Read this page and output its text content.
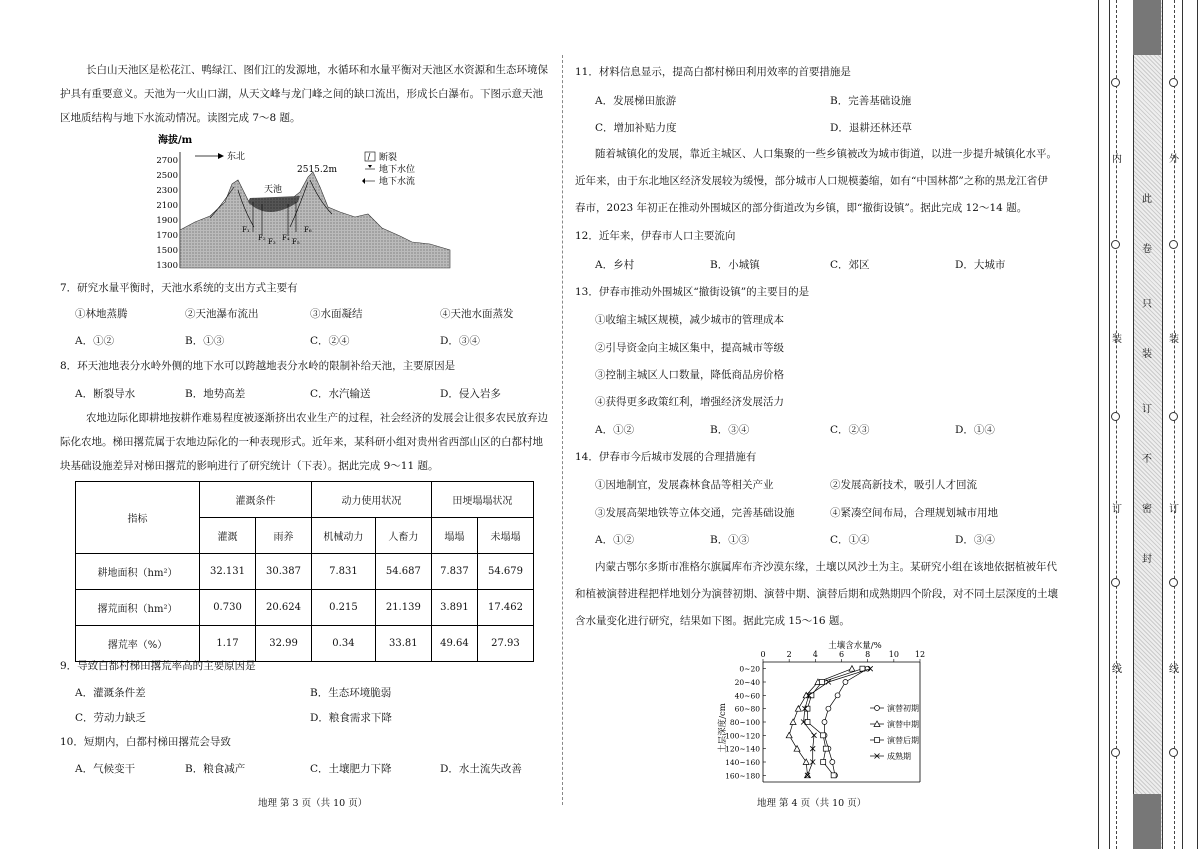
长白山天池区是松花江、鸭绿江、图们江的发源地，水循环和水量平衡对天池区水资源和生态环境保
护具有重要意义。天池为一火山口湖，从天文峰与龙门峰之间的缺口流出，形成长白瀑布。下图示意天池
区地质结构与地下水流动情况。读图完成 7～8 题。
海拔/m
2700
2500
2300
2100
1900
1700
1500
1300
东北
天池
2515.2m
F₁
F₂ F₃ F₄ F₅
F₆
断裂
地下水位
地下水流
7．研究水量平衡时，天池水系统的支出方式主要有
①林地蒸腾	②天池瀑布流出	③水面凝结	④天池水面蒸发
A．①②	B．①③	C．②④	D．③④
8．环天池地表分水岭外侧的地下水可以跨越地表分水岭的限制补给天池，主要原因是
A．断裂导水	B．地势高差	C．水汽输送	D．侵入岩多
农地边际化即耕地按耕作难易程度被逐渐挤出农业生产的过程，社会经济的发展会让很多农民放弃边
际化农地。梯田撂荒属于农地边际化的一种表现形式。近年来，某科研小组对贵州省西部山区的白都村地
块基础设施差异对梯田撂荒的影响进行了研究统计（下表）。据此完成 9～11 题。
指标	灌溉条件		动力使用状况		田埂塌塌状况	
	灌溉	雨养	机械动力	人畜力	塌塌	未塌塌
耕地面积（hm²）	32.131	30.387	7.831	54.687	7.837	54.679
撂荒面积（hm²）	0.730	20.624	0.215	21.139	3.891	17.462
撂荒率（%）	1.17	32.99	0.34	33.81	49.64	27.93
9．导致白都村梯田撂荒率高的主要原因是
A．灌溉条件差	B．生态环境脆弱
C．劳动力缺乏	D．粮食需求下降
10．短期内，白都村梯田撂荒会导致
A．气候变干	B．粮食减产	C．土壤肥力下降	D．水土流失改善
地理 第 3 页（共 10 页）
11．材料信息显示，提高白都村梯田利用效率的首要措施是
A．发展梯田旅游	B．完善基础设施
C．增加补贴力度	D．退耕还林还草
随着城镇化的发展，靠近主城区、人口集聚的一些乡镇被改为城市街道，以进一步提升城镇化水平。
近年来，由于东北地区经济发展较为缓慢，部分城市人口规模萎缩，如有“中国林都”之称的黑龙江省伊
春市，2023 年初正在推动外围城区的部分街道改为乡镇，即“撤街设镇”。据此完成 12～14 题。
12．近年来，伊春市人口主要流向
A．乡村	B．小城镇	C．郊区	D．大城市
13．伊春市推动外围城区“撤街设镇”的主要目的是
①收缩主城区规模，减少城市的管理成本
②引导资金向主城区集中，提高城市等级
③控制主城区人口数量，降低商品房价格
④获得更多政策红利，增强经济发展活力
A．①②	B．③④	C．②③	D．①④
14．伊春市今后城市发展的合理措施有
①因地制宜，发展森林食品等相关产业	②发展高新技术，吸引人才回流
③发展高架地铁等立体交通，完善基础设施	④紧凑空间布局，合理规划城市用地
A．①②	B．①③	C．①④	D．③④
内蒙古鄂尔多斯市准格尔旗属库布齐沙漠东缘，土壤以风沙土为主。某研究小组在该地依据植被年代
和植被演替进程把样地划分为演替初期、演替中期、演替后期和成熟期四个阶段，对不同土层深度的土壤
含水量变化进行研究，结果如下图。据此完成 15～16 题。
土壤含水量/%
土层深度/cm
0	2	4	6	8 10 12
0~20
20~40
40~60
60~80
80~100
100~120
120~140
140~160
160~180
演替初期
演替中期
演替后期
成熟期
地理 第 4 页（共 10 页）
内
装
订
线
此
卷
只
装
订
不
密
封
外
装
订
线
